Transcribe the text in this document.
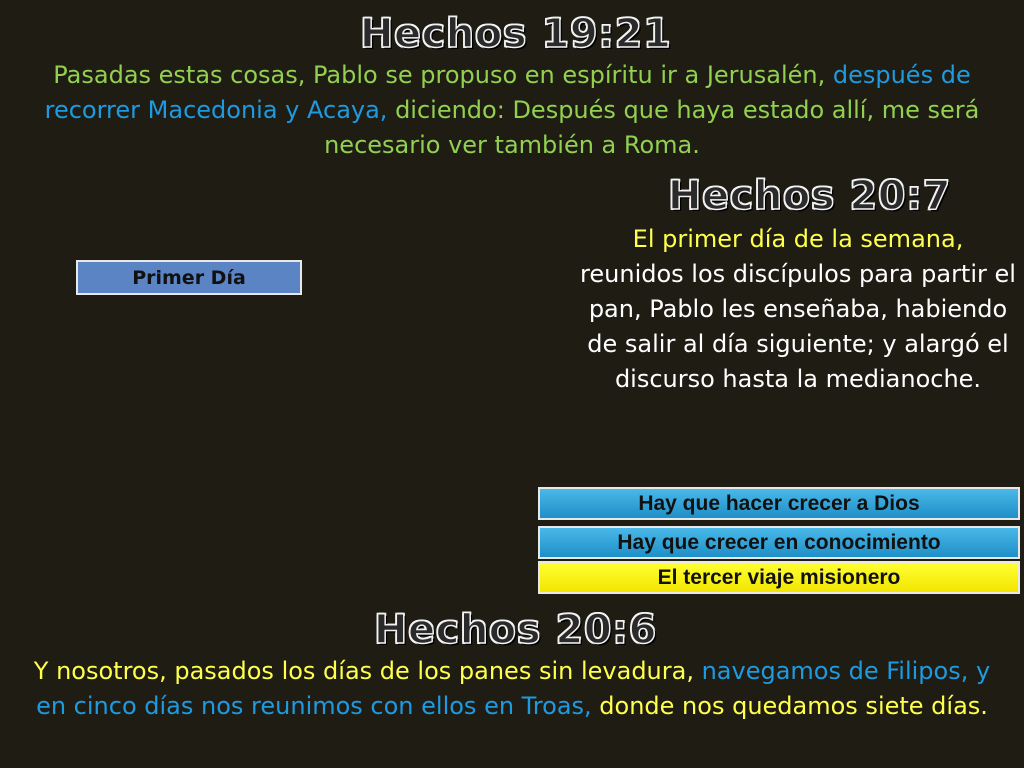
Hechos 19:21
Pasadas estas cosas, Pablo se propuso en espíritu ir a Jerusalén, después de recorrer Macedonia y Acaya, diciendo: Después que haya estado allí, me será necesario ver también a Roma.
Hechos 20:7
El primer día de la semana, reunidos los discípulos para partir el pan, Pablo les enseñaba, habiendo de salir al día siguiente; y alargó el discurso hasta la medianoche.
Primer Día
Hay que hacer crecer a Dios
Hay que crecer en conocimiento
El tercer viaje misionero
Hechos 20:6
Y nosotros, pasados los días de los panes sin levadura, navegamos de Filipos, y en cinco días nos reunimos con ellos en Troas, donde nos quedamos siete días.
